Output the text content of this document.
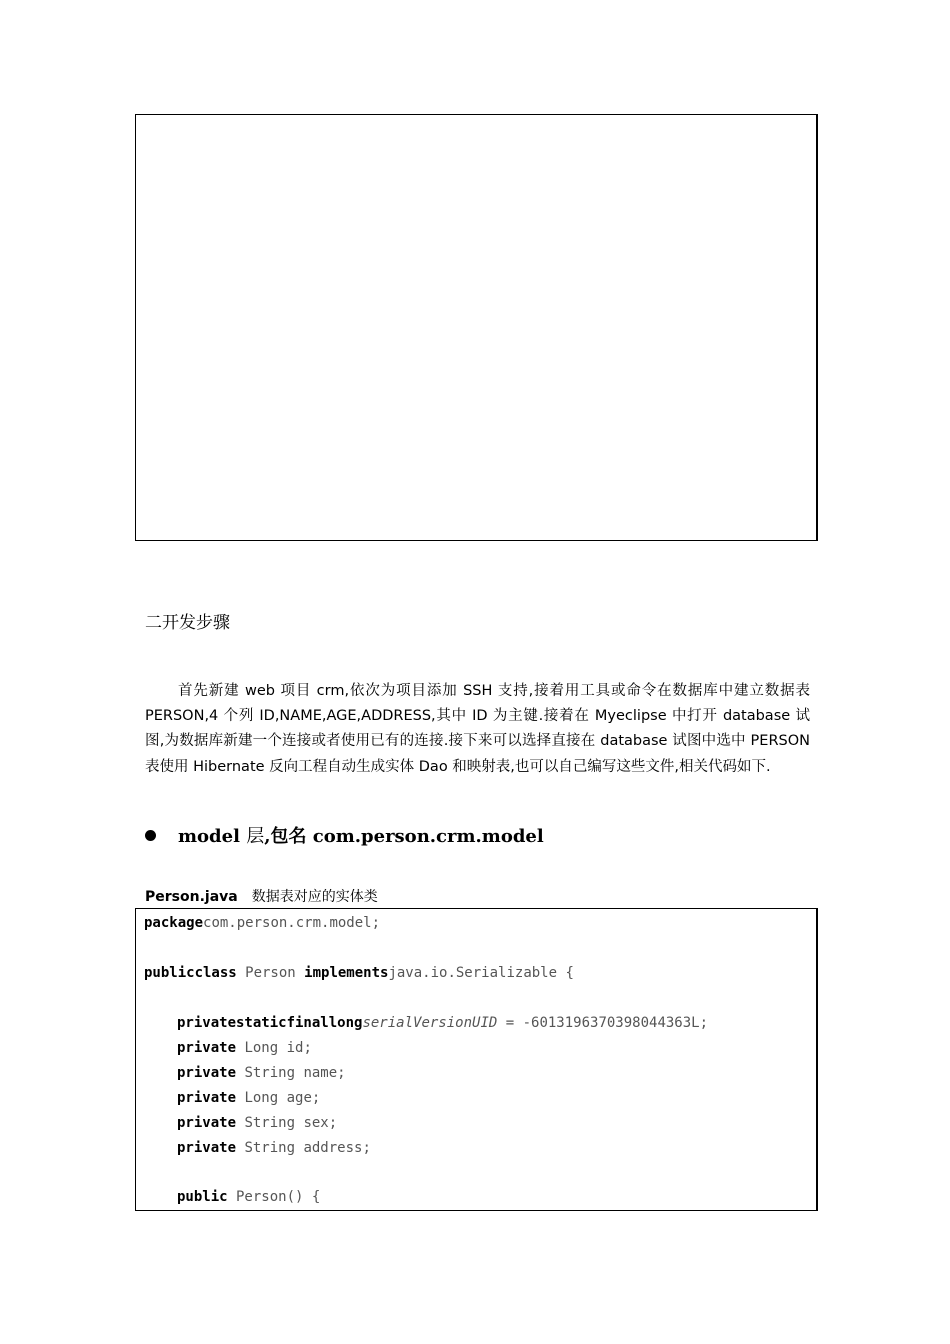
二开发步骤
首先新建 web 项目 crm,依次为项目添加 SSH 支持,接着用工具或命令在数据库中建立数据表 PERSON,4 个列 ID,NAME,AGE,ADDRESS,其中 ID 为主键.接着在 Myeclipse 中打开 database 试图,为数据库新建一个连接或者使用已有的连接.接下来可以选择直接在 database 试图中选中 PERSON 表使用 Hibernate 反向工程自动生成实体 Dao 和映射表,也可以自己编写这些文件,相关代码如下.
model 层,包名 com.person.crm.model
Person.java 数据表对应的实体类
packagecom.person.crm.model;
publicclass Person implementsjava.io.Serializable {
privatestaticfinallongserialVersionUID = -6013196370398044363L;
private Long id;
private String name;
private Long age;
private String sex;
private String address;
public Person() {
